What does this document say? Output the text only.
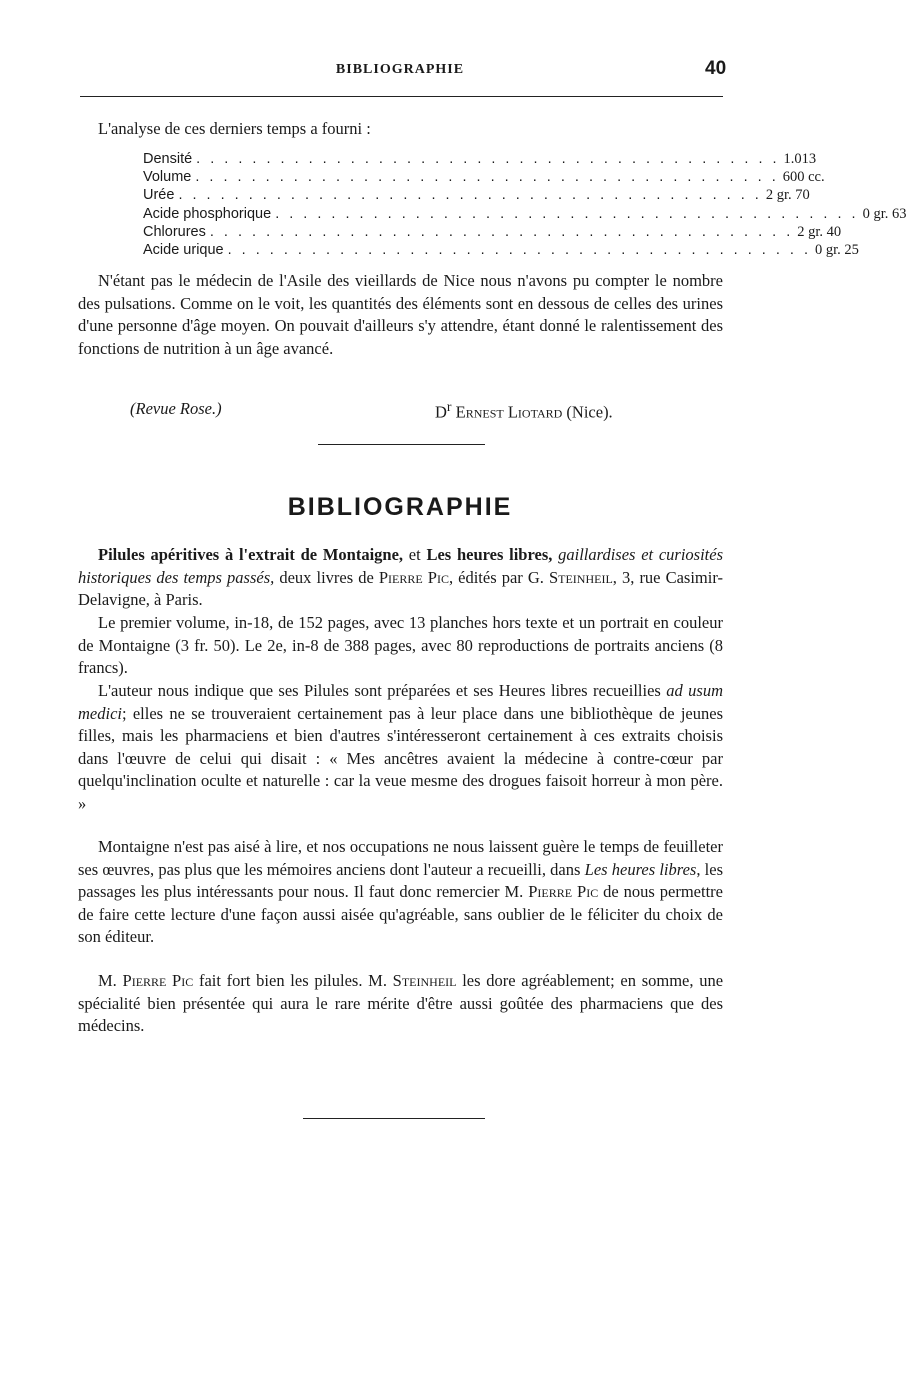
BIBLIOGRAPHIE	40
L'analyse de ces derniers temps a fourni :
Densité . . . . . . . . . . . . . . . . . . . . . . . . . . . . . . . . . . . . . . . . . . 1.013
Volume . . . . . . . . . . . . . . . . . . . . . . . . . . . . . . . . . . . . . . . . . . 600 cc.
Urée . . . . . . . . . . . . . . . . . . . . . . . . . . . . . . . . . . . . . . . . . . 2 gr. 70
Acide phosphorique . . . . . . . . . . . . . . . . . . . . . . . . . . . . . . . . . . . . . . . . . . 0 gr. 63
Chlorures . . . . . . . . . . . . . . . . . . . . . . . . . . . . . . . . . . . . . . . . . . 2 gr. 40
Acide urique . . . . . . . . . . . . . . . . . . . . . . . . . . . . . . . . . . . . . . . . . . 0 gr. 25
N'étant pas le médecin de l'Asile des vieillards de Nice nous n'avons pu compter le nombre des pulsations. Comme on le voit, les quantités des éléments sont en dessous de celles des urines d'une personne d'âge moyen. On pouvait d'ailleurs s'y attendre, étant donné le ralentissement des fonctions de nutrition à un âge avancé.
(Revue Rose.)	$D^r$ Ernest Liotard (Nice).
BIBLIOGRAPHIE
Pilules apéritives à l'extrait de Montaigne, et Les heures libres, gaillardises et curiosités historiques des temps passés, deux livres de Pierre Pic, édités par G. Steinheil, 3, rue Casimir-Delavigne, à Paris.
Le premier volume, in-18, de 152 pages, avec 13 planches hors texte et un portrait en couleur de Montaigne (3 fr. 50). Le 2e, in-8 de 388 pages, avec 80 reproductions de portraits anciens (8 francs).
L'auteur nous indique que ses Pilules sont préparées et ses Heures libres recueillies ad usum medici; elles ne se trouveraient certainement pas à leur place dans une bibliothèque de jeunes filles, mais les pharmaciens et bien d'autres s'intéresseront certainement à ces extraits choisis dans l'œuvre de celui qui disait : « Mes ancêtres avaient la médecine à contre-cœur par quelqu'inclination oculte et naturelle : car la veue mesme des drogues faisoit horreur à mon père. »
Montaigne n'est pas aisé à lire, et nos occupations ne nous laissent guère le temps de feuilleter ses œuvres, pas plus que les mémoires anciens dont l'auteur a recueilli, dans Les heures libres, les passages les plus intéressants pour nous. Il faut donc remercier M. Pierre Pic de nous permettre de faire cette lecture d'une façon aussi aisée qu'agréable, sans oublier de le féliciter du choix de son éditeur.
M. Pierre Pic fait fort bien les pilules. M. Steinheil les dore agréablement; en somme, une spécialité bien présentée qui aura le rare mérite d'être aussi goûtée des pharmaciens que des médecins.
